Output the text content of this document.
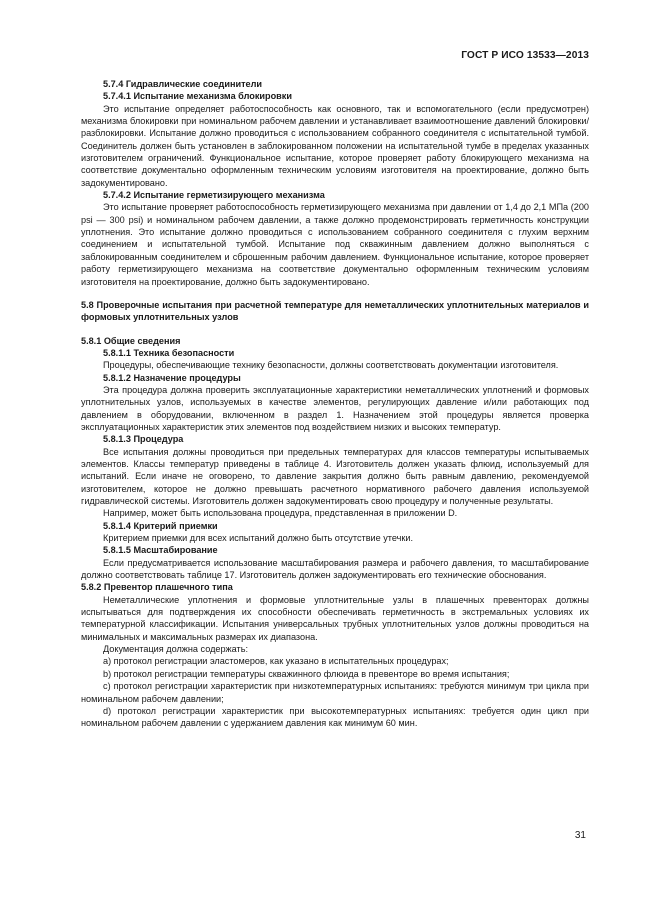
ГОСТ Р ИСО 13533—2013

5.7.4 Гидравлические соединители

5.7.4.1 Испытание механизма блокировки

Это испытание определяет работоспособность как основного, так и вспомогательного (если предусмотрен) механизма блокировки при номинальном рабочем давлении и устанавливает взаимоотношение давлений блокировки/разблокировки. Испытание должно проводиться с использованием собранного соединителя с испытательной тумбой. Соединитель должен быть установлен в заблокированном положении на испытательной тумбе в пределах указанных изготовителем ограничений. Функциональное испытание, которое проверяет работу блокирующего механизма на соответствие документально оформленным техническим условиям изготовителя на проектирование, должно быть задокументировано.

5.7.4.2 Испытание герметизирующего механизма

Это испытание проверяет работоспособность герметизирующего механизма при давлении от 1,4 до 2,1 МПа (200 psi — 300 psi) и номинальном рабочем давлении, а также должно продемонстрировать герметичность конструкции уплотнения. Это испытание должно проводиться с использованием собранного соединителя с глухим верхним соединением и испытательной тумбой. Испытание под скважинным давлением должно выполняться с заблокированным соединителем и сброшенным рабочим давлением. Функциональное испытание, которое проверяет работу герметизирующего механизма на соответствие документально оформленным техническим условиям изготовителя на проектирование, должно быть задокументировано.

5.8 Проверочные испытания при расчетной температуре для неметаллических уплотнительных материалов и формовых уплотнительных узлов

5.8.1 Общие сведения

5.8.1.1 Техника безопасности

Процедуры, обеспечивающие технику безопасности, должны соответствовать документации изготовителя.

5.8.1.2 Назначение процедуры

Эта процедура должна проверить эксплуатационные характеристики неметаллических уплотнений и формовых уплотнительных узлов, используемых в качестве элементов, регулирующих давление и/или работающих под давлением в оборудовании, включенном в раздел 1. Назначением этой процедуры является проверка эксплуатационных характеристик этих элементов под воздействием низких и высоких температур.

5.8.1.3 Процедура

Все испытания должны проводиться при предельных температурах для классов температуры испытываемых элементов. Классы температур приведены в таблице 4. Изготовитель должен указать флюид, используемый для испытаний. Если иначе не оговорено, то давление закрытия должно быть равным давлению, рекомендуемой изготовителем, которое не должно превышать расчетного нормативного рабочего давления используемой гидравлической системы. Изготовитель должен задокументировать свою процедуру и полученные результаты.

Например, может быть использована процедура, представленная в приложении D.

5.8.1.4 Критерий приемки

Критерием приемки для всех испытаний должно быть отсутствие утечки.

5.8.1.5 Масштабирование

Если предусматривается использование масштабирования размера и рабочего давления, то масштабирование должно соответствовать таблице 17. Изготовитель должен задокументировать его технические обоснования.

5.8.2 Превентор плашечного типа

Неметаллические уплотнения и формовые уплотнительные узлы в плашечных превенторах должны испытываться для подтверждения их способности обеспечивать герметичность в экстремальных условиях их температурной классификации. Испытания универсальных трубных уплотнительных узлов должны проводиться на минимальных и максимальных размерах их диапазона.

Документация должна содержать:

a) протокол регистрации эластомеров, как указано в испытательных процедурах;

b) протокол регистрации температуры скважинного флюида в превенторе во время испытания;

c) протокол регистрации характеристик при низкотемпературных испытаниях: требуются минимум три цикла при номинальном рабочем давлении;

d) протокол регистрации характеристик при высокотемпературных испытаниях: требуется один цикл при номинальном рабочем давлении с удержанием давления как минимум 60 мин.

31
